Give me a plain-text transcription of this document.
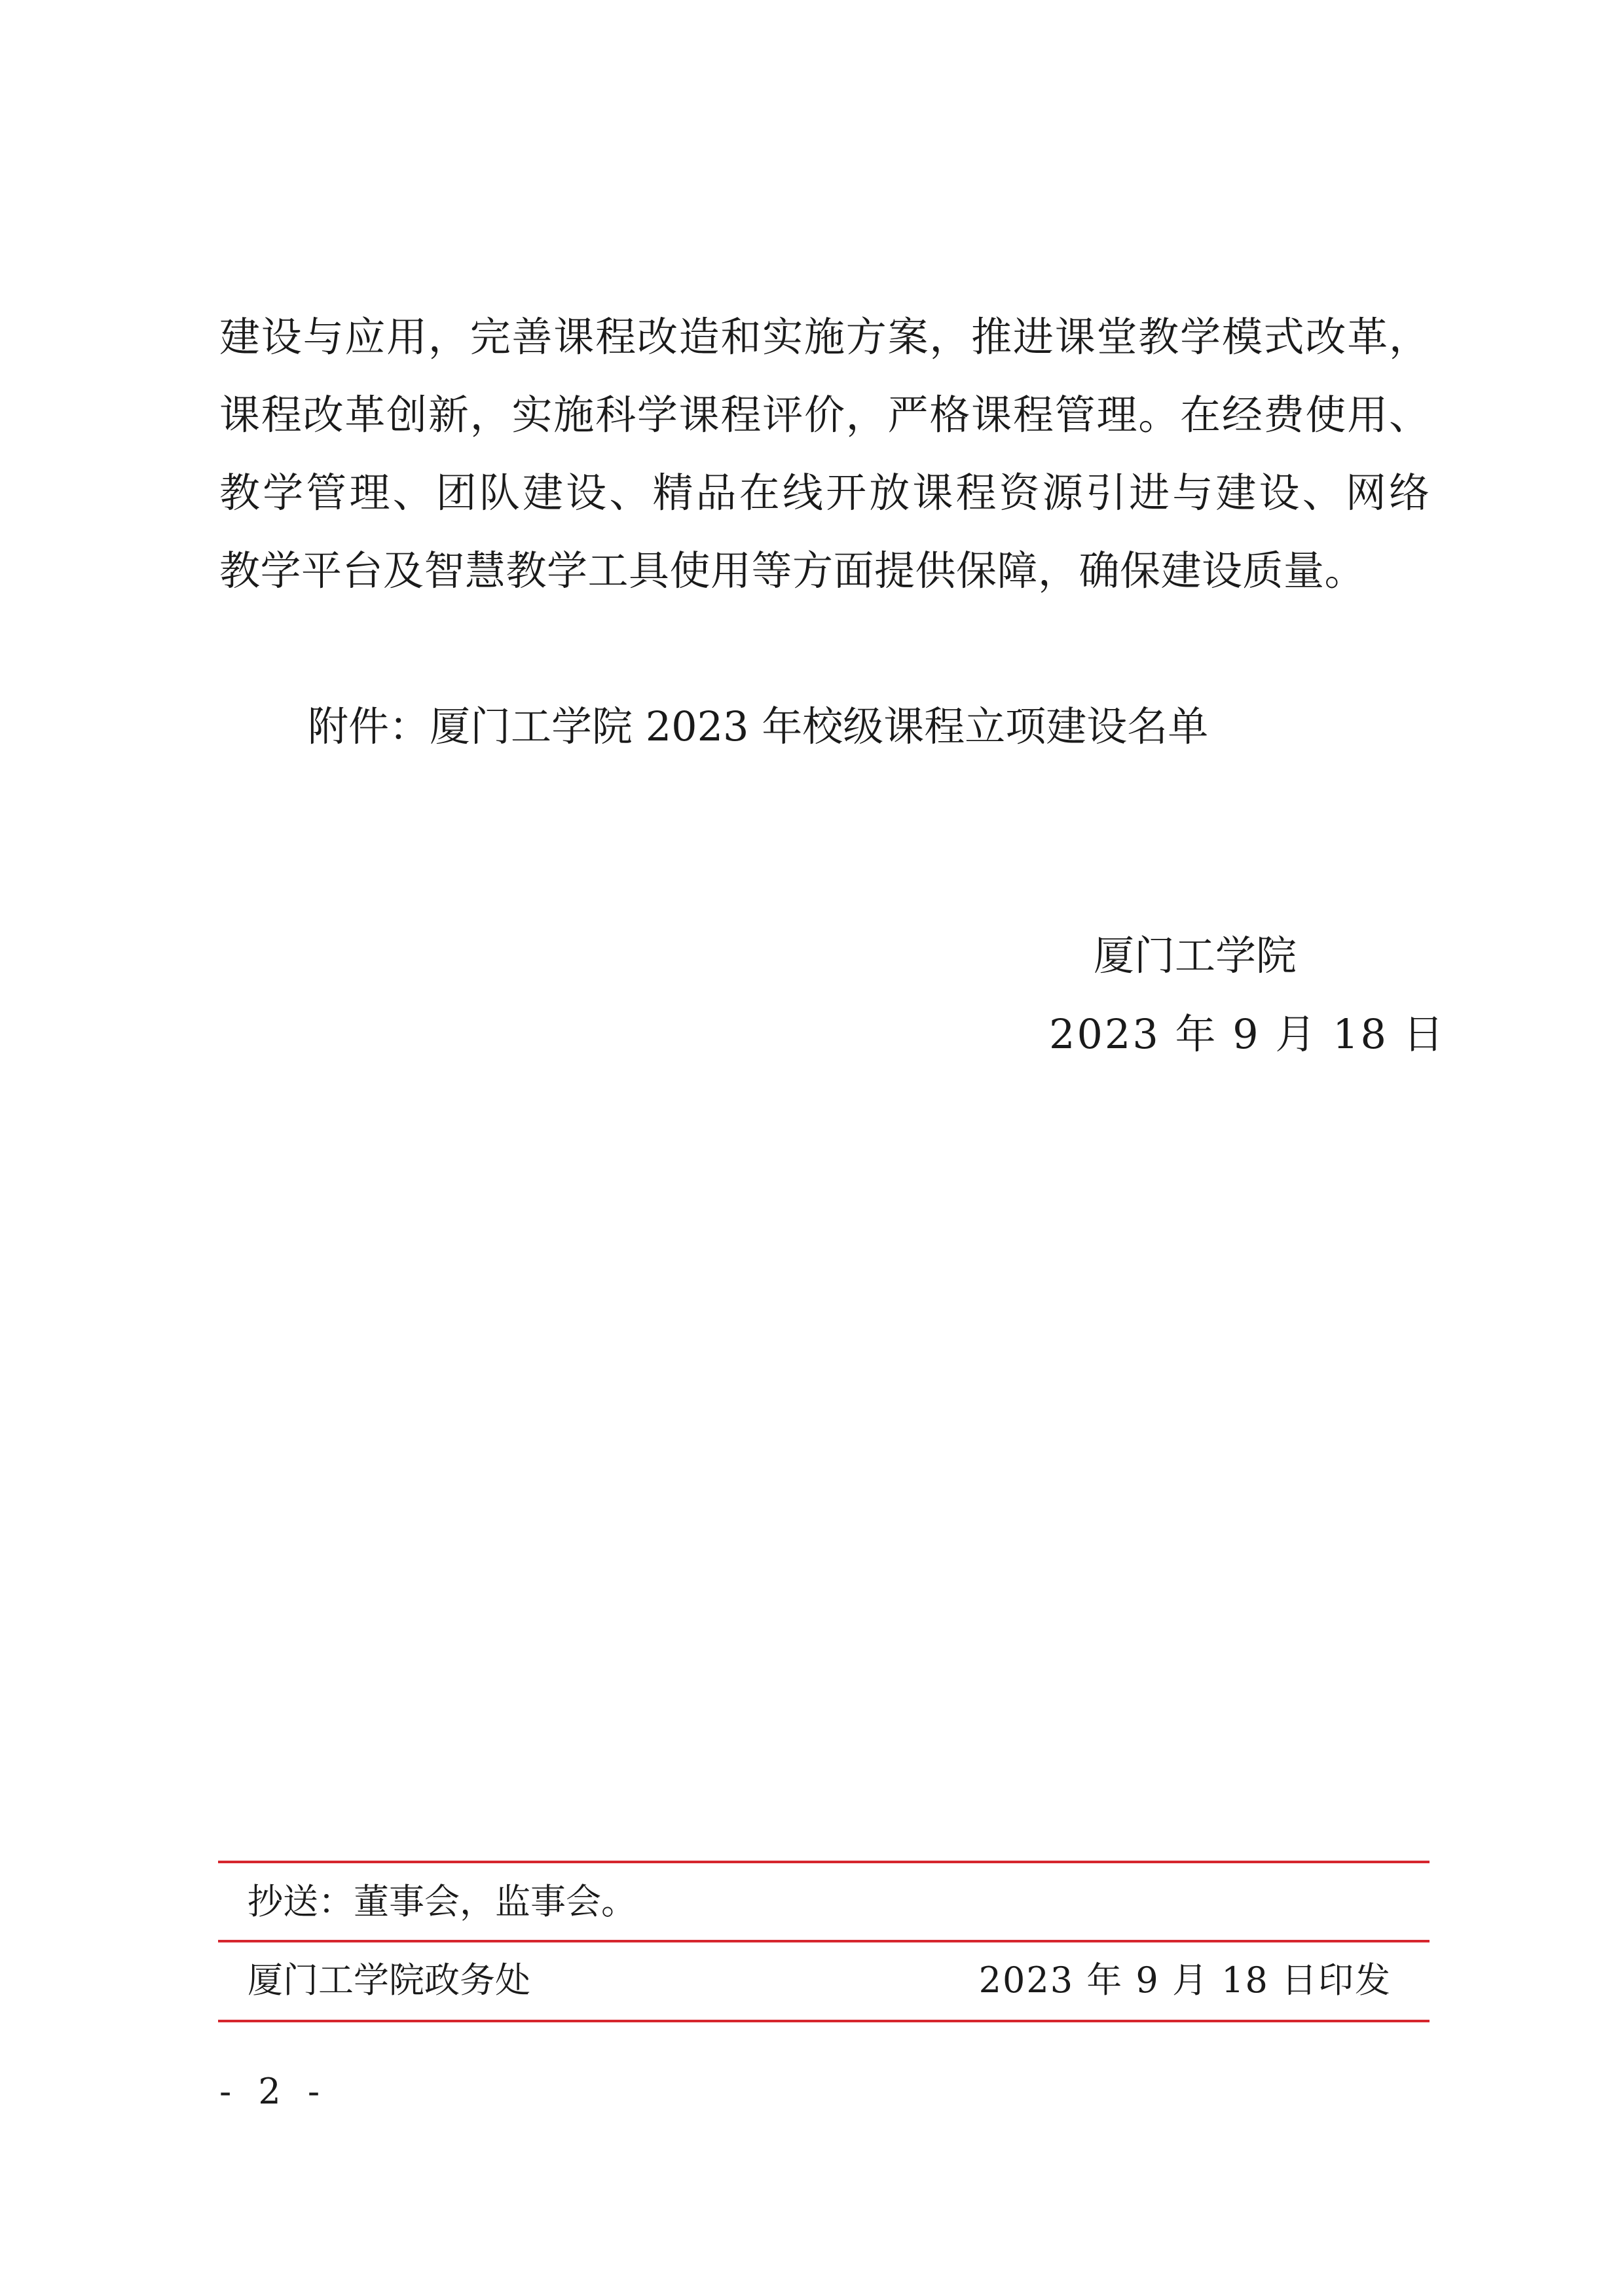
建设与应用，完善课程改造和实施方案，推进课堂教学模式改革，
课程改革创新，实施科学课程评价，严格课程管理。在经费使用、
教学管理、团队建设、精品在线开放课程资源引进与建设、网络
教学平台及智慧教学工具使用等方面提供保障，确保建设质量。
附件：厦门工学院 2023 年校级课程立项建设名单
厦门工学院
2023 年 9 月 18 日
抄送：董事会，监事会。
厦门工学院政务处	2023 年 9 月 18 日印发
- 2 -
